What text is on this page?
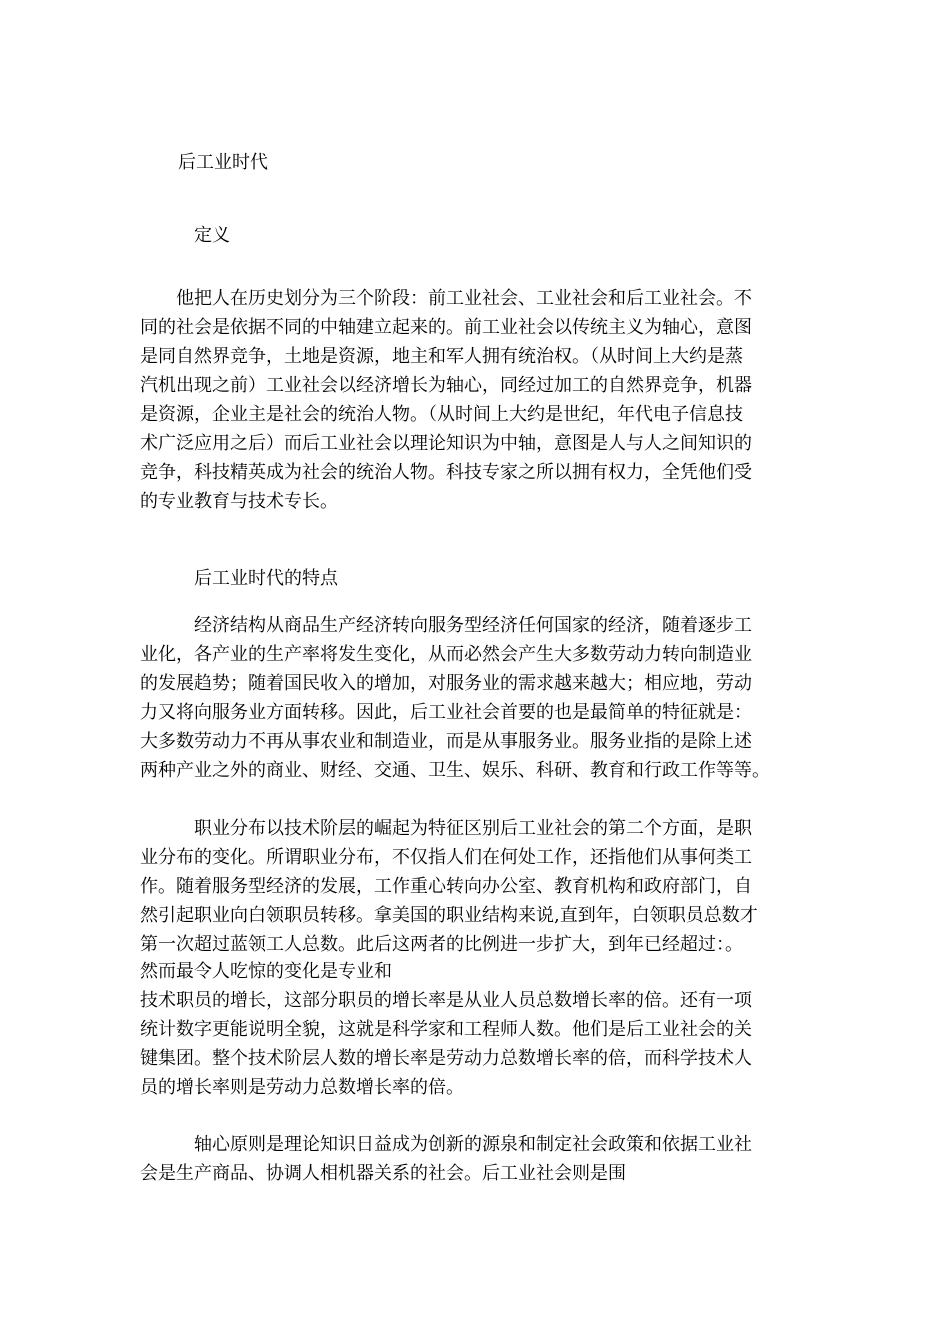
后工业时代
定义
　　他把人在历史划分为三个阶段：前工业社会、工业社会和后工业社会。不
同的社会是依据不同的中轴建立起来的。前工业社会以传统主义为轴心，意图
是同自然界竞争，土地是资源，地主和军人拥有统治权。（从时间上大约是蒸
汽机出现之前）工业社会以经济增长为轴心，同经过加工的自然界竞争，机器
是资源，企业主是社会的统治人物。（从时间上大约是世纪，年代电子信息技
术广泛应用之后）而后工业社会以理论知识为中轴，意图是人与人之间知识的
竞争，科技精英成为社会的统治人物。科技专家之所以拥有权力，全凭他们受
的专业教育与技术专长。
后工业时代的特点
　　　经济结构从商品生产经济转向服务型经济任何国家的经济，随着逐步工
业化，各产业的生产率将发生变化，从而必然会产生大多数劳动力转向制造业
的发展趋势；随着国民收入的增加，对服务业的需求越来越大；相应地，劳动
力又将向服务业方面转移。因此，后工业社会首要的也是最简单的特征就是：
大多数劳动力不再从事农业和制造业，而是从事服务业。服务业指的是除上述
两种产业之外的商业、财经、交通、卫生、娱乐、科研、教育和行政工作等等。
　　　职业分布以技术阶层的崛起为特征区别后工业社会的第二个方面，是职
业分布的变化。所谓职业分布，不仅指人们在何处工作，还指他们从事何类工
作。随着服务型经济的发展，工作重心转向办公室、教育机构和政府部门，自
然引起职业向白领职员转移。拿美国的职业结构来说,直到年，白领职员总数才
第一次超过蓝领工人总数。此后这两者的比例进一步扩大，到年已经超过：。
然而最令人吃惊的变化是专业和
技术职员的增长，这部分职员的增长率是从业人员总数增长率的倍。还有一项
统计数字更能说明全貌，这就是科学家和工程师人数。他们是后工业社会的关
键集团。整个技术阶层人数的增长率是劳动力总数增长率的倍，而科学技术人
员的增长率则是劳动力总数增长率的倍。
　　　轴心原则是理论知识日益成为创新的源泉和制定社会政策和依据工业社
会是生产商品、协调人相机器关系的社会。后工业社会则是围
